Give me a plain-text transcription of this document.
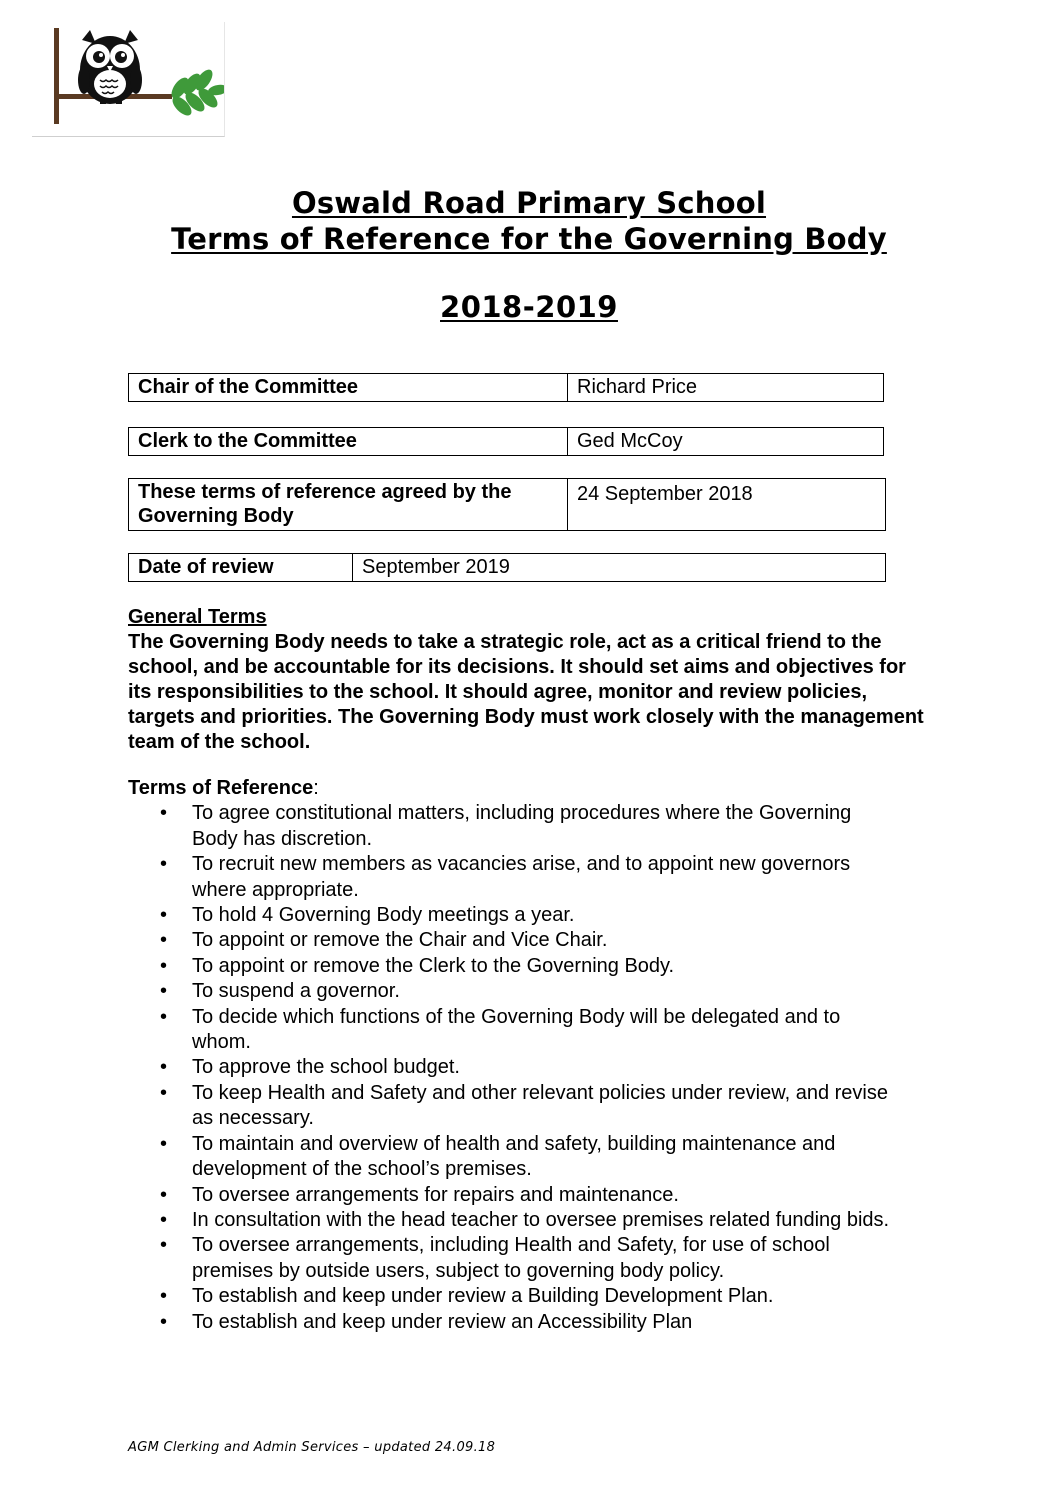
Oswald Road Primary School
Terms of Reference for the Governing Body
2018-2019
Chair of the Committee	Richard Price
Clerk to the Committee	Ged McCoy
These terms of reference agreed by the Governing Body	24 September 2018
Date of review	September 2019
General Terms
The Governing Body needs to take a strategic role, act as a critical friend to the school, and be accountable for its decisions. It should set aims and objectives for its responsibilities to the school. It should agree, monitor and review policies, targets and priorities. The Governing Body must work closely with the management team of the school.
Terms of Reference:
• To agree constitutional matters, including procedures where the Governing Body has discretion.
• To recruit new members as vacancies arise, and to appoint new governors where appropriate.
• To hold 4 Governing Body meetings a year.
• To appoint or remove the Chair and Vice Chair.
• To appoint or remove the Clerk to the Governing Body.
• To suspend a governor.
• To decide which functions of the Governing Body will be delegated and to whom.
• To approve the school budget.
• To keep Health and Safety and other relevant policies under review, and revise as necessary.
• To maintain and overview of health and safety, building maintenance and development of the school’s premises.
• To oversee arrangements for repairs and maintenance.
• In consultation with the head teacher to oversee premises related funding bids.
• To oversee arrangements, including Health and Safety, for use of school premises by outside users, subject to governing body policy.
• To establish and keep under review a Building Development Plan.
• To establish and keep under review an Accessibility Plan
AGM Clerking and Admin Services – updated 24.09.18
